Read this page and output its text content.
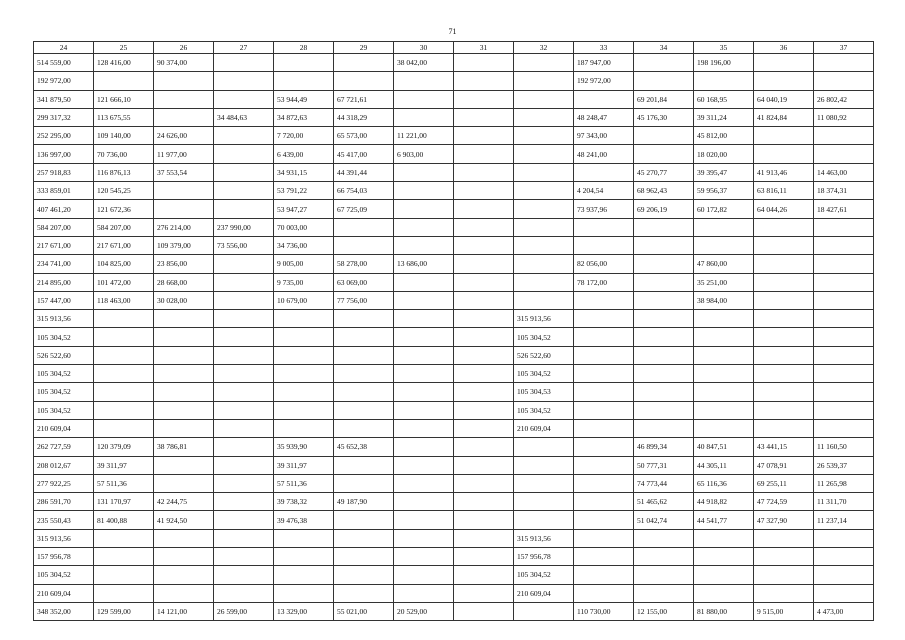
71
24	25	26	27	28	29	30	31	32	33	34	35	36	37
514 559,00	128 416,00	90 374,00				38 042,00			187 947,00		198 196,00		
192 972,00									192 972,00				
341 879,50	121 666,10			53 944,49	67 721,61					69 201,84	60 168,95	64 040,19	26 802,42
299 317,32	113 675,55		34 484,63	34 872,63	44 318,29				48 248,47	45 176,30	39 311,24	41 824,84	11 080,92
252 295,00	109 140,00	24 626,00		7 720,00	65 573,00	11 221,00			97 343,00		45 812,00		
136 997,00	70 736,00	11 977,00		6 439,00	45 417,00	6 903,00			48 241,00		18 020,00		
257 918,83	116 876,13	37 553,54		34 931,15	44 391,44					45 270,77	39 395,47	41 913,46	14 463,00
333 859,01	120 545,25			53 791,22	66 754,03				4 204,54	68 962,43	59 956,37	63 816,11	18 374,31
407 461,20	121 672,36			53 947,27	67 725,09				73 937,96	69 206,19	60 172,82	64 044,26	18 427,61
584 207,00	584 207,00	276 214,00	237 990,00	70 003,00									
217 671,00	217 671,00	109 379,00	73 556,00	34 736,00									
234 741,00	104 825,00	23 856,00		9 005,00	58 278,00	13 686,00			82 056,00		47 860,00		
214 895,00	101 472,00	28 668,00		9 735,00	63 069,00				78 172,00		35 251,00		
157 447,00	118 463,00	30 028,00		10 679,00	77 756,00						38 984,00		
315 913,56								315 913,56					
105 304,52								105 304,52					
526 522,60								526 522,60					
105 304,52								105 304,52					
105 304,52								105 304,53					
105 304,52								105 304,52					
210 609,04								210 609,04					
262 727,59	120 379,09	38 786,81		35 939,90	45 652,38					46 899,34	40 847,51	43 441,15	11 160,50
208 012,67	39 311,97			39 311,97						50 777,31	44 305,11	47 078,91	26 539,37
277 922,25	57 511,36			57 511,36						74 773,44	65 116,36	69 255,11	11 265,98
286 591,70	131 170,97	42 244,75		39 738,32	49 187,90					51 465,62	44 918,82	47 724,59	11 311,70
235 550,43	81 400,88	41 924,50		39 476,38						51 042,74	44 541,77	47 327,90	11 237,14
315 913,56								315 913,56					
157 956,78								157 956,78					
105 304,52								105 304,52					
210 609,04								210 609,04					
348 352,00	129 599,00	14 121,00	26 599,00	13 329,00	55 021,00	20 529,00			110 730,00	12 155,00	81 880,00	9 515,00	4 473,00
